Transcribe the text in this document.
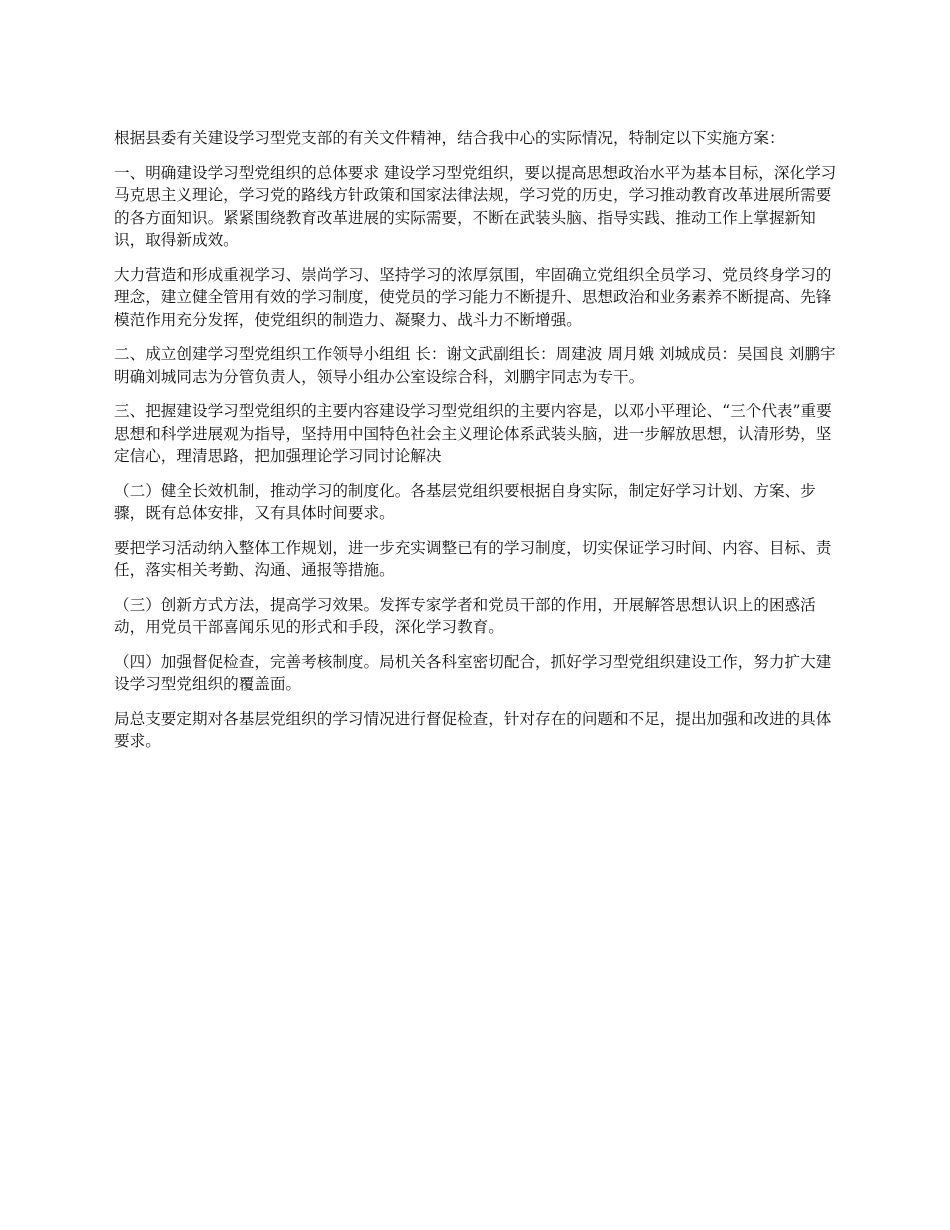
根据县委有关建设学习型党支部的有关文件精神，结合我中心的实际情况，特制定以下实施方案：

一、明确建设学习型党组织的总体要求 建设学习型党组织，要以提高思想政治水平为基本目标，深化学习马克思主义理论，学习党的路线方针政策和国家法律法规，学习党的历史，学习推动教育改革进展所需要的各方面知识。紧紧围绕教育改革进展的实际需要，不断在武装头脑、指导实践、推动工作上掌握新知识，取得新成效。

大力营造和形成重视学习、崇尚学习、坚持学习的浓厚氛围，牢固确立党组织全员学习、党员终身学习的理念，建立健全管用有效的学习制度，使党员的学习能力不断提升、思想政治和业务素养不断提高、先锋模范作用充分发挥，使党组织的制造力、凝聚力、战斗力不断增强。

二、成立创建学习型党组织工作领导小组组 长：谢文武副组长：周建波 周月娥 刘城成员：吴国良 刘鹏宇明确刘城同志为分管负责人，领导小组办公室设综合科，刘鹏宇同志为专干。

三、把握建设学习型党组织的主要内容建设学习型党组织的主要内容是，以邓小平理论、“三个代表”重要思想和科学进展观为指导，坚持用中国特色社会主义理论体系武装头脑，进一步解放思想，认清形势，坚定信心，理清思路，把加强理论学习同讨论解决

（二）健全长效机制，推动学习的制度化。各基层党组织要根据自身实际，制定好学习计划、方案、步骤，既有总体安排，又有具体时间要求。

要把学习活动纳入整体工作规划，进一步充实调整已有的学习制度，切实保证学习时间、内容、目标、责任，落实相关考勤、沟通、通报等措施。

（三）创新方式方法，提高学习效果。发挥专家学者和党员干部的作用，开展解答思想认识上的困惑活动，用党员干部喜闻乐见的形式和手段，深化学习教育。

（四）加强督促检查，完善考核制度。局机关各科室密切配合，抓好学习型党组织建设工作，努力扩大建设学习型党组织的覆盖面。

局总支要定期对各基层党组织的学习情况进行督促检查，针对存在的问题和不足，提出加强和改进的具体要求。
